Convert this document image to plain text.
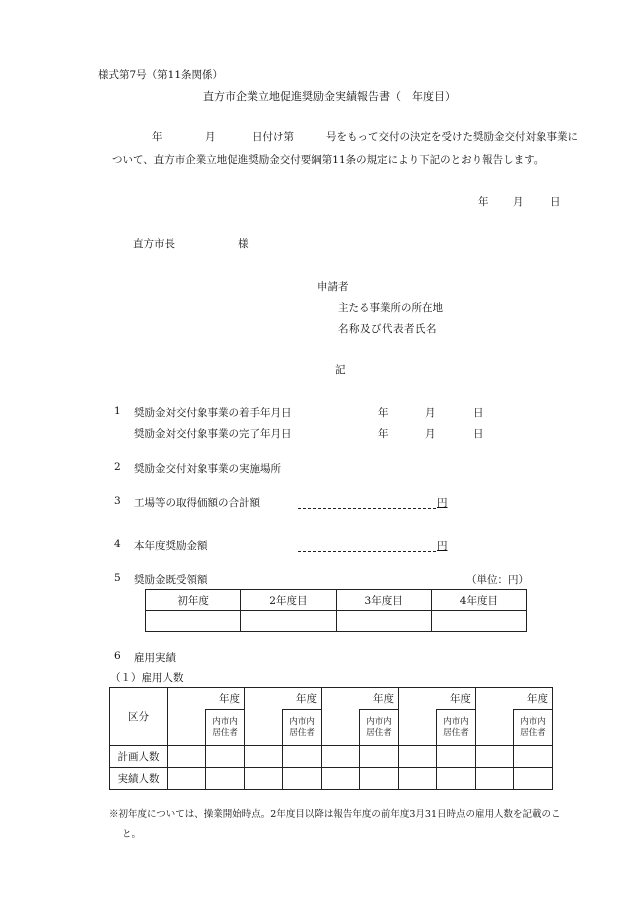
様式第7号（第11条関係）
直方市企業立地促進奨励金実績報告書（　年度目）
年	月	日付け第	号をもって交付の決定を受けた奨励金交付対象事業に
ついて、直方市企業立地促進奨励金交付要綱第11条の規定により下記のとおり報告します。
年 月	日
直方市長	様
申請者
主たる事業所の所在地
名称及び代表者氏名
記
1 奨励金対交付象事業の着手年月日	年	月	日
奨励金対交付象事業の完了年月日	年	月	日
2 奨励金交付対象事業の実施場所
3 工場等の取得価額の合計額	円
4 本年度奨励金額	円
5 奨励金既受領額	（単位：円）
初年度	2年度目	3年度目	4年度目

6 雇用実績
（１）雇用人数
区分	年度		年度		年度		年度		年度	

		内市内居住者		内市内居住者		内市内居住者		内市内居住者		内市内居住者

計画人数										
実績人数										
※初年度については、操業開始時点。2年度目以降は報告年度の前年度3月31日時点の雇用人数を記載のこ
と。
